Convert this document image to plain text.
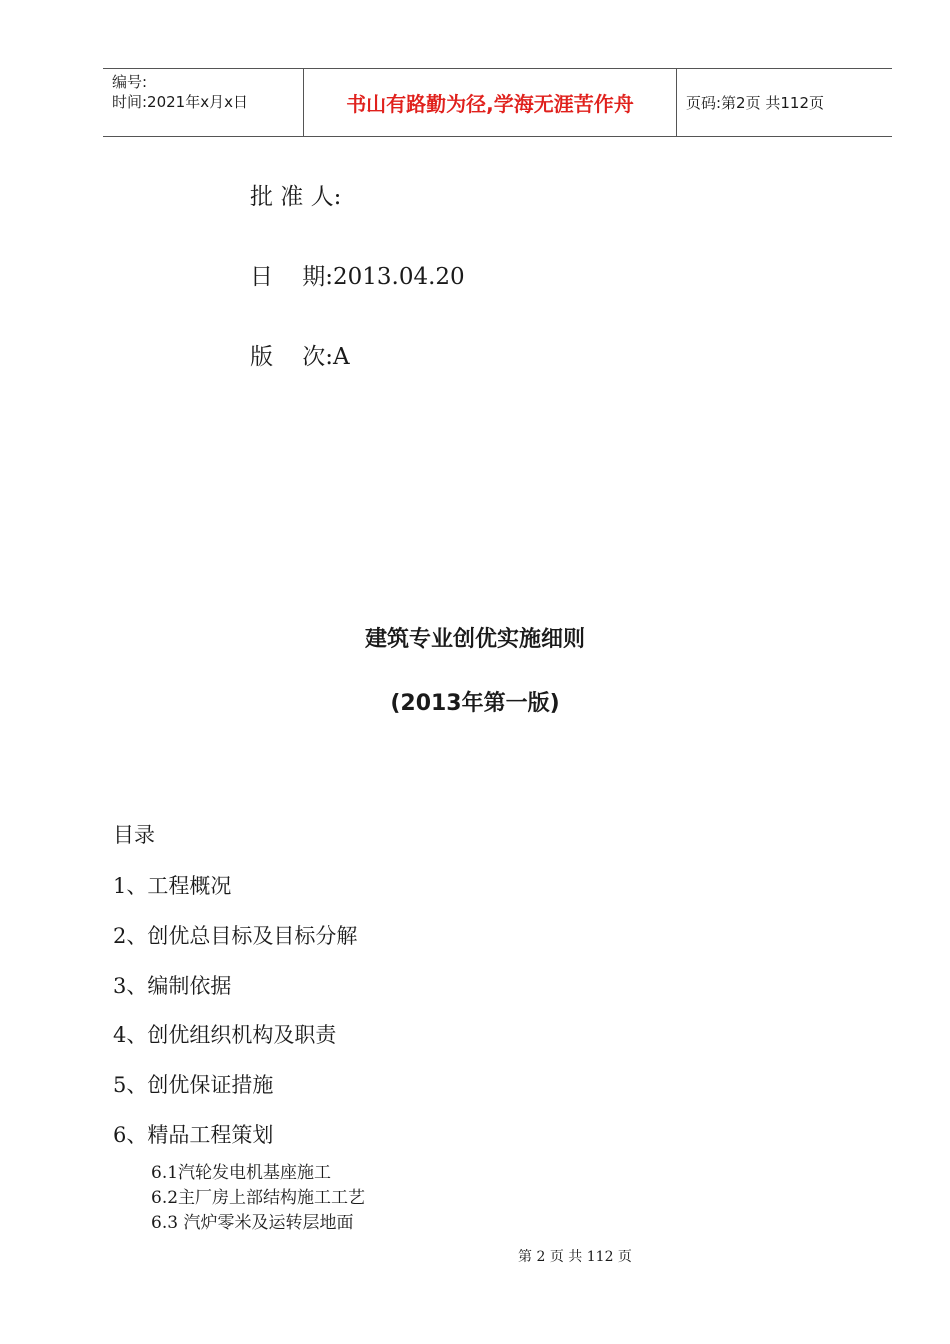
编号:
时间:2021年x月x日	书山有路勤为径,学海无涯苦作舟	页码:第2页 共112页
批 准 人:
日    期:2013.04.20
版    次:A
建筑专业创优实施细则
(2013年第一版)
目录
1、工程概况
2、创优总目标及目标分解
3、编制依据
4、创优组织机构及职责
5、创优保证措施
6、精品工程策划
6.1汽轮发电机基座施工
6.2主厂房上部结构施工工艺
6.3 汽炉零米及运转层地面
第 2 页 共 112 页
